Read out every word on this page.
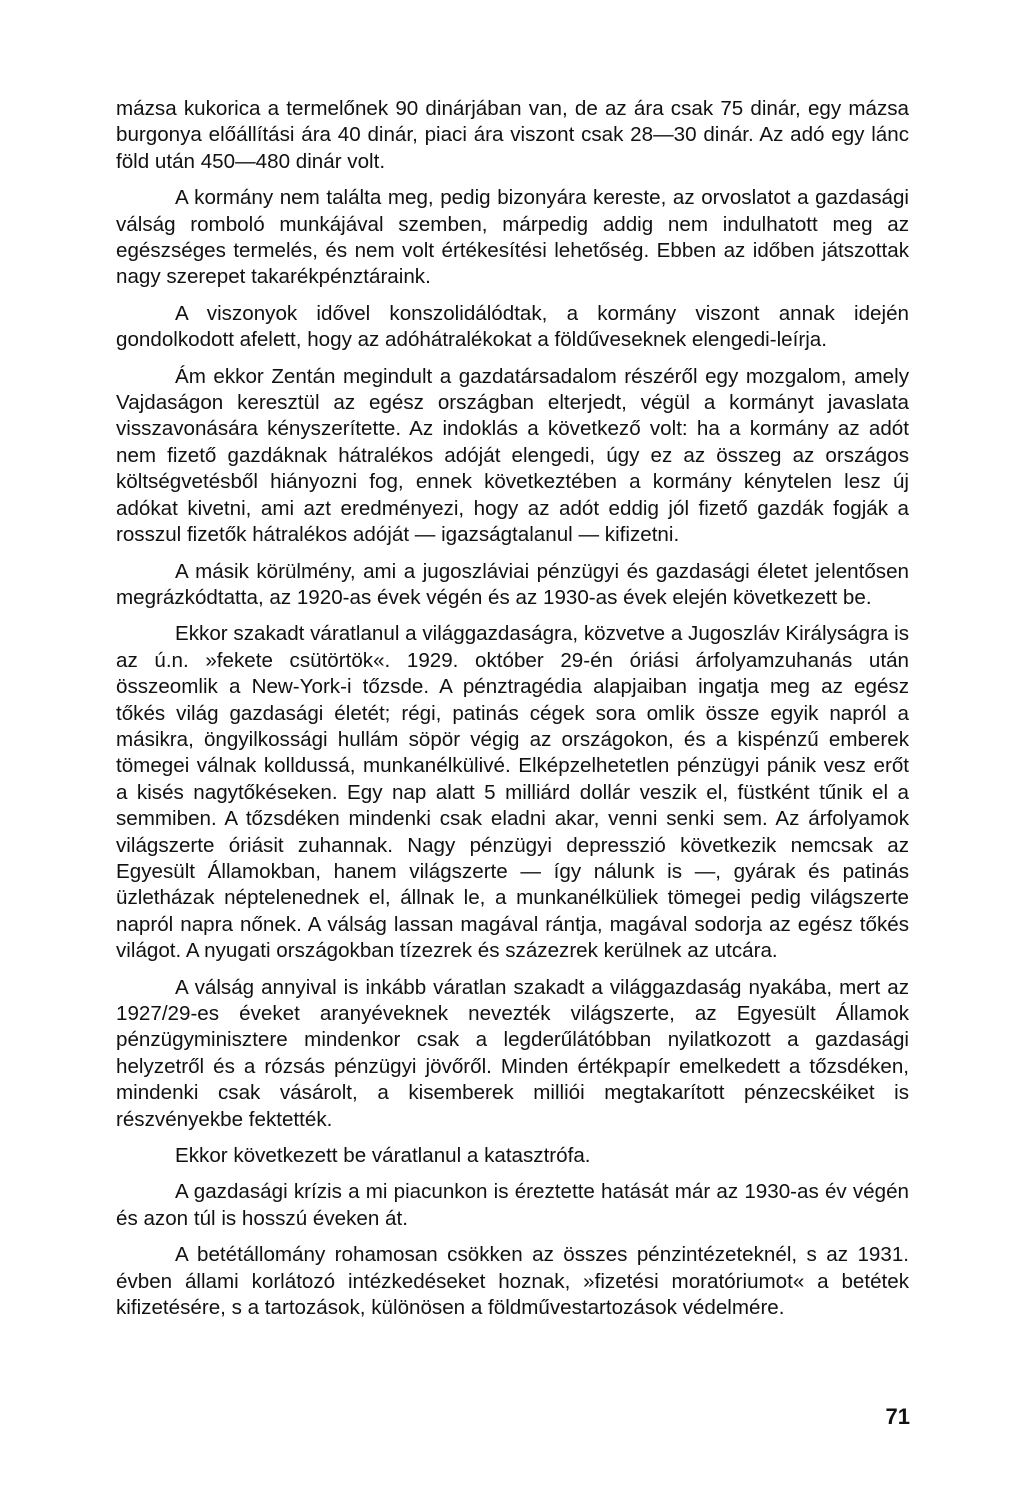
mázsa kukorica a termelőnek 90 dinárjában van, de az ára csak 75 dinár, egy mázsa burgonya előállítási ára 40 dinár, piaci ára viszont csak 28—30 dinár. Az adó egy lánc föld után 450—480 dinár volt.

A kormány nem találta meg, pedig bizonyára kereste, az orvoslatot a gazdasági válság romboló munkájával szemben, márpedig addig nem indulhatott meg az egészséges termelés, és nem volt értékesítési lehetőség. Ebben az időben játszottak nagy szerepet takarékpénztáraink.

A viszonyok idővel konszolidálódtak, a kormány viszont annak idején gondolkodott afelett, hogy az adóhátralékokat a földűveseknek elengedi-leírja.

Ám ekkor Zentán megindult a gazdatársadalom részéről egy mozgalom, amely Vajdaságon keresztül az egész országban elterjedt, végül a kormányt javaslata visszavonására kényszerítette. Az indoklás a következő volt: ha a kormány az adót nem fizető gazdáknak hátralékos adóját elengedi, úgy ez az összeg az országos költségvetésből hiányozni fog, ennek következtében a kormány kénytelen lesz új adókat kivetni, ami azt eredményezi, hogy az adót eddig jól fizető gazdák fogják a rosszul fizetők hátralékos adóját — igazságtalanul — kifizetni.

A másik körülmény, ami a jugoszláviai pénzügyi és gazdasági életet jelentősen megrázkódtatta, az 1920-as évek végén és az 1930-as évek elején következett be.

Ekkor szakadt váratlanul a világgazdaságra, közvetve a Jugoszláv Királyságra is az ú.n. »fekete csütörtök«. 1929. október 29-én óriási árfolyamzuhanás után összeomlik a New-York-i tőzsde. A pénztragédia alapjaiban ingatja meg az egész tőkés világ gazdasági életét; régi, patinás cégek sora omlik össze egyik napról a másikra, öngyilkossági hullám söpör végig az országokon, és a kispénzű emberek tömegei válnak kolldussá, munkanélkülivé. Elképzelhetetlen pénzügyi pánik vesz erőt a kisés nagytőkéseken. Egy nap alatt 5 milliárd dollár veszik el, füstként tűnik el a semmiben. A tőzsdéken mindenki csak eladni akar, venni senki sem. Az árfolyamok világszerte óriásit zuhannak. Nagy pénzügyi depresszió következik nemcsak az Egyesült Államokban, hanem világszerte — így nálunk is —, gyárak és patinás üzletházak néptelenednek el, állnak le, a munkanélküliek tömegei pedig világszerte napról napra nőnek. A válság lassan magával rántja, magával sodorja az egész tőkés világot. A nyugati országokban tízezrek és százezrek kerülnek az utcára.

A válság annyival is inkább váratlan szakadt a világgazdaság nyakába, mert az 1927/29-es éveket aranyéveknek nevezték világszerte, az Egyesült Államok pénzügyminisztere mindenkor csak a legderűlátóbban nyilatkozott a gazdasági helyzetről és a rózsás pénzügyi jövőről. Minden értékpapír emelkedett a tőzsdéken, mindenki csak vásárolt, a kisemberek milliói megtakarított pénzecskéiket is részvényekbe fektették.

Ekkor következett be váratlanul a katasztrófa.

A gazdasági krízis a mi piacunkon is éreztette hatását már az 1930-as év végén és azon túl is hosszú éveken át.

A betétállomány rohamosan csökken az összes pénzintézeteknél, s az 1931. évben állami korlátozó intézkedéseket hoznak, »fizetési moratóriumot« a betétek kifizetésére, s a tartozások, különösen a földművestartozások védelmére.

71
